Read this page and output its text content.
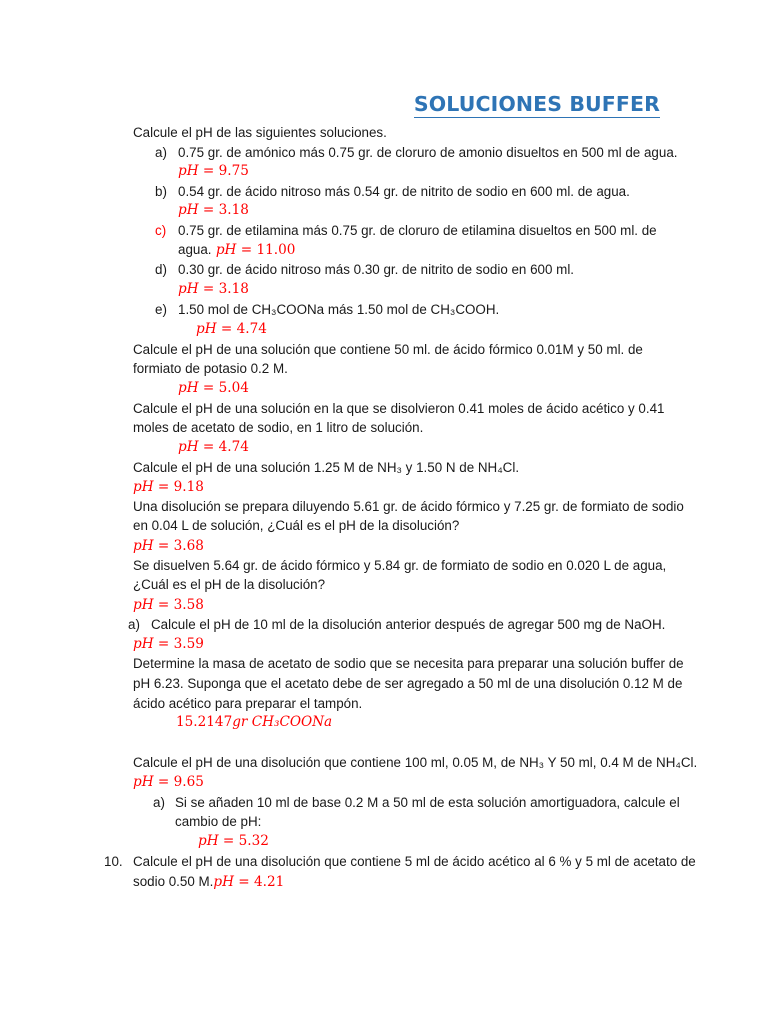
SOLUCIONES BUFFER
Calcule el pH de las siguientes soluciones.
a) 0.75 gr. de amónico más 0.75 gr. de cloruro de amonio disueltos en 500 ml de agua.
pH = 9.75
b) 0.54 gr. de ácido nitroso más 0.54 gr. de nitrito de sodio en 600 ml. de agua.
pH = 3.18
c) 0.75 gr. de etilamina más 0.75 gr. de cloruro de etilamina disueltos en 500 ml. de
agua. pH = 11.00
d) 0.30 gr. de ácido nitroso más 0.30 gr. de nitrito de sodio en 600 ml.
pH = 3.18
e) 1.50 mol de CH₃COONa más 1.50 mol de CH₃COOH.
pH = 4.74
Calcule el pH de una solución que contiene 50 ml. de ácido fórmico 0.01M y 50 ml. de
formiato de potasio 0.2 M.
pH = 5.04
Calcule el pH de una solución en la que se disolvieron 0.41 moles de ácido acético y 0.41
moles de acetato de sodio, en 1 litro de solución.
pH = 4.74
Calcule el pH de una solución 1.25 M de NH₃ y 1.50 N de NH₄Cl.
pH = 9.18
Una disolución se prepara diluyendo 5.61 gr. de ácido fórmico y 7.25 gr. de formiato de sodio
en 0.04 L de solución, ¿Cuál es el pH de la disolución?
pH = 3.68
Se disuelven 5.64 gr. de ácido fórmico y 5.84 gr. de formiato de sodio en 0.020 L de agua,
¿Cuál es el pH de la disolución?
pH = 3.58
a) Calcule el pH de 10 ml de la disolución anterior después de agregar 500 mg de NaOH.
pH = 3.59
Determine la masa de acetato de sodio que se necesita para preparar una solución buffer de
pH 6.23. Suponga que el acetato debe de ser agregado a 50 ml de una disolución 0.12 M de
ácido acético para preparar el tampón.
15.2147gr CH₃COONa
Calcule el pH de una disolución que contiene 100 ml, 0.05 M, de NH₃ Y 50 ml, 0.4 M de NH₄Cl.
pH = 9.65
a) Si se añaden 10 ml de base 0.2 M a 50 ml de esta solución amortiguadora, calcule el
cambio de pH:
pH = 5.32
10. Calcule el pH de una disolución que contiene 5 ml de ácido acético al 6 % y 5 ml de acetato de
sodio 0.50 M.pH = 4.21
